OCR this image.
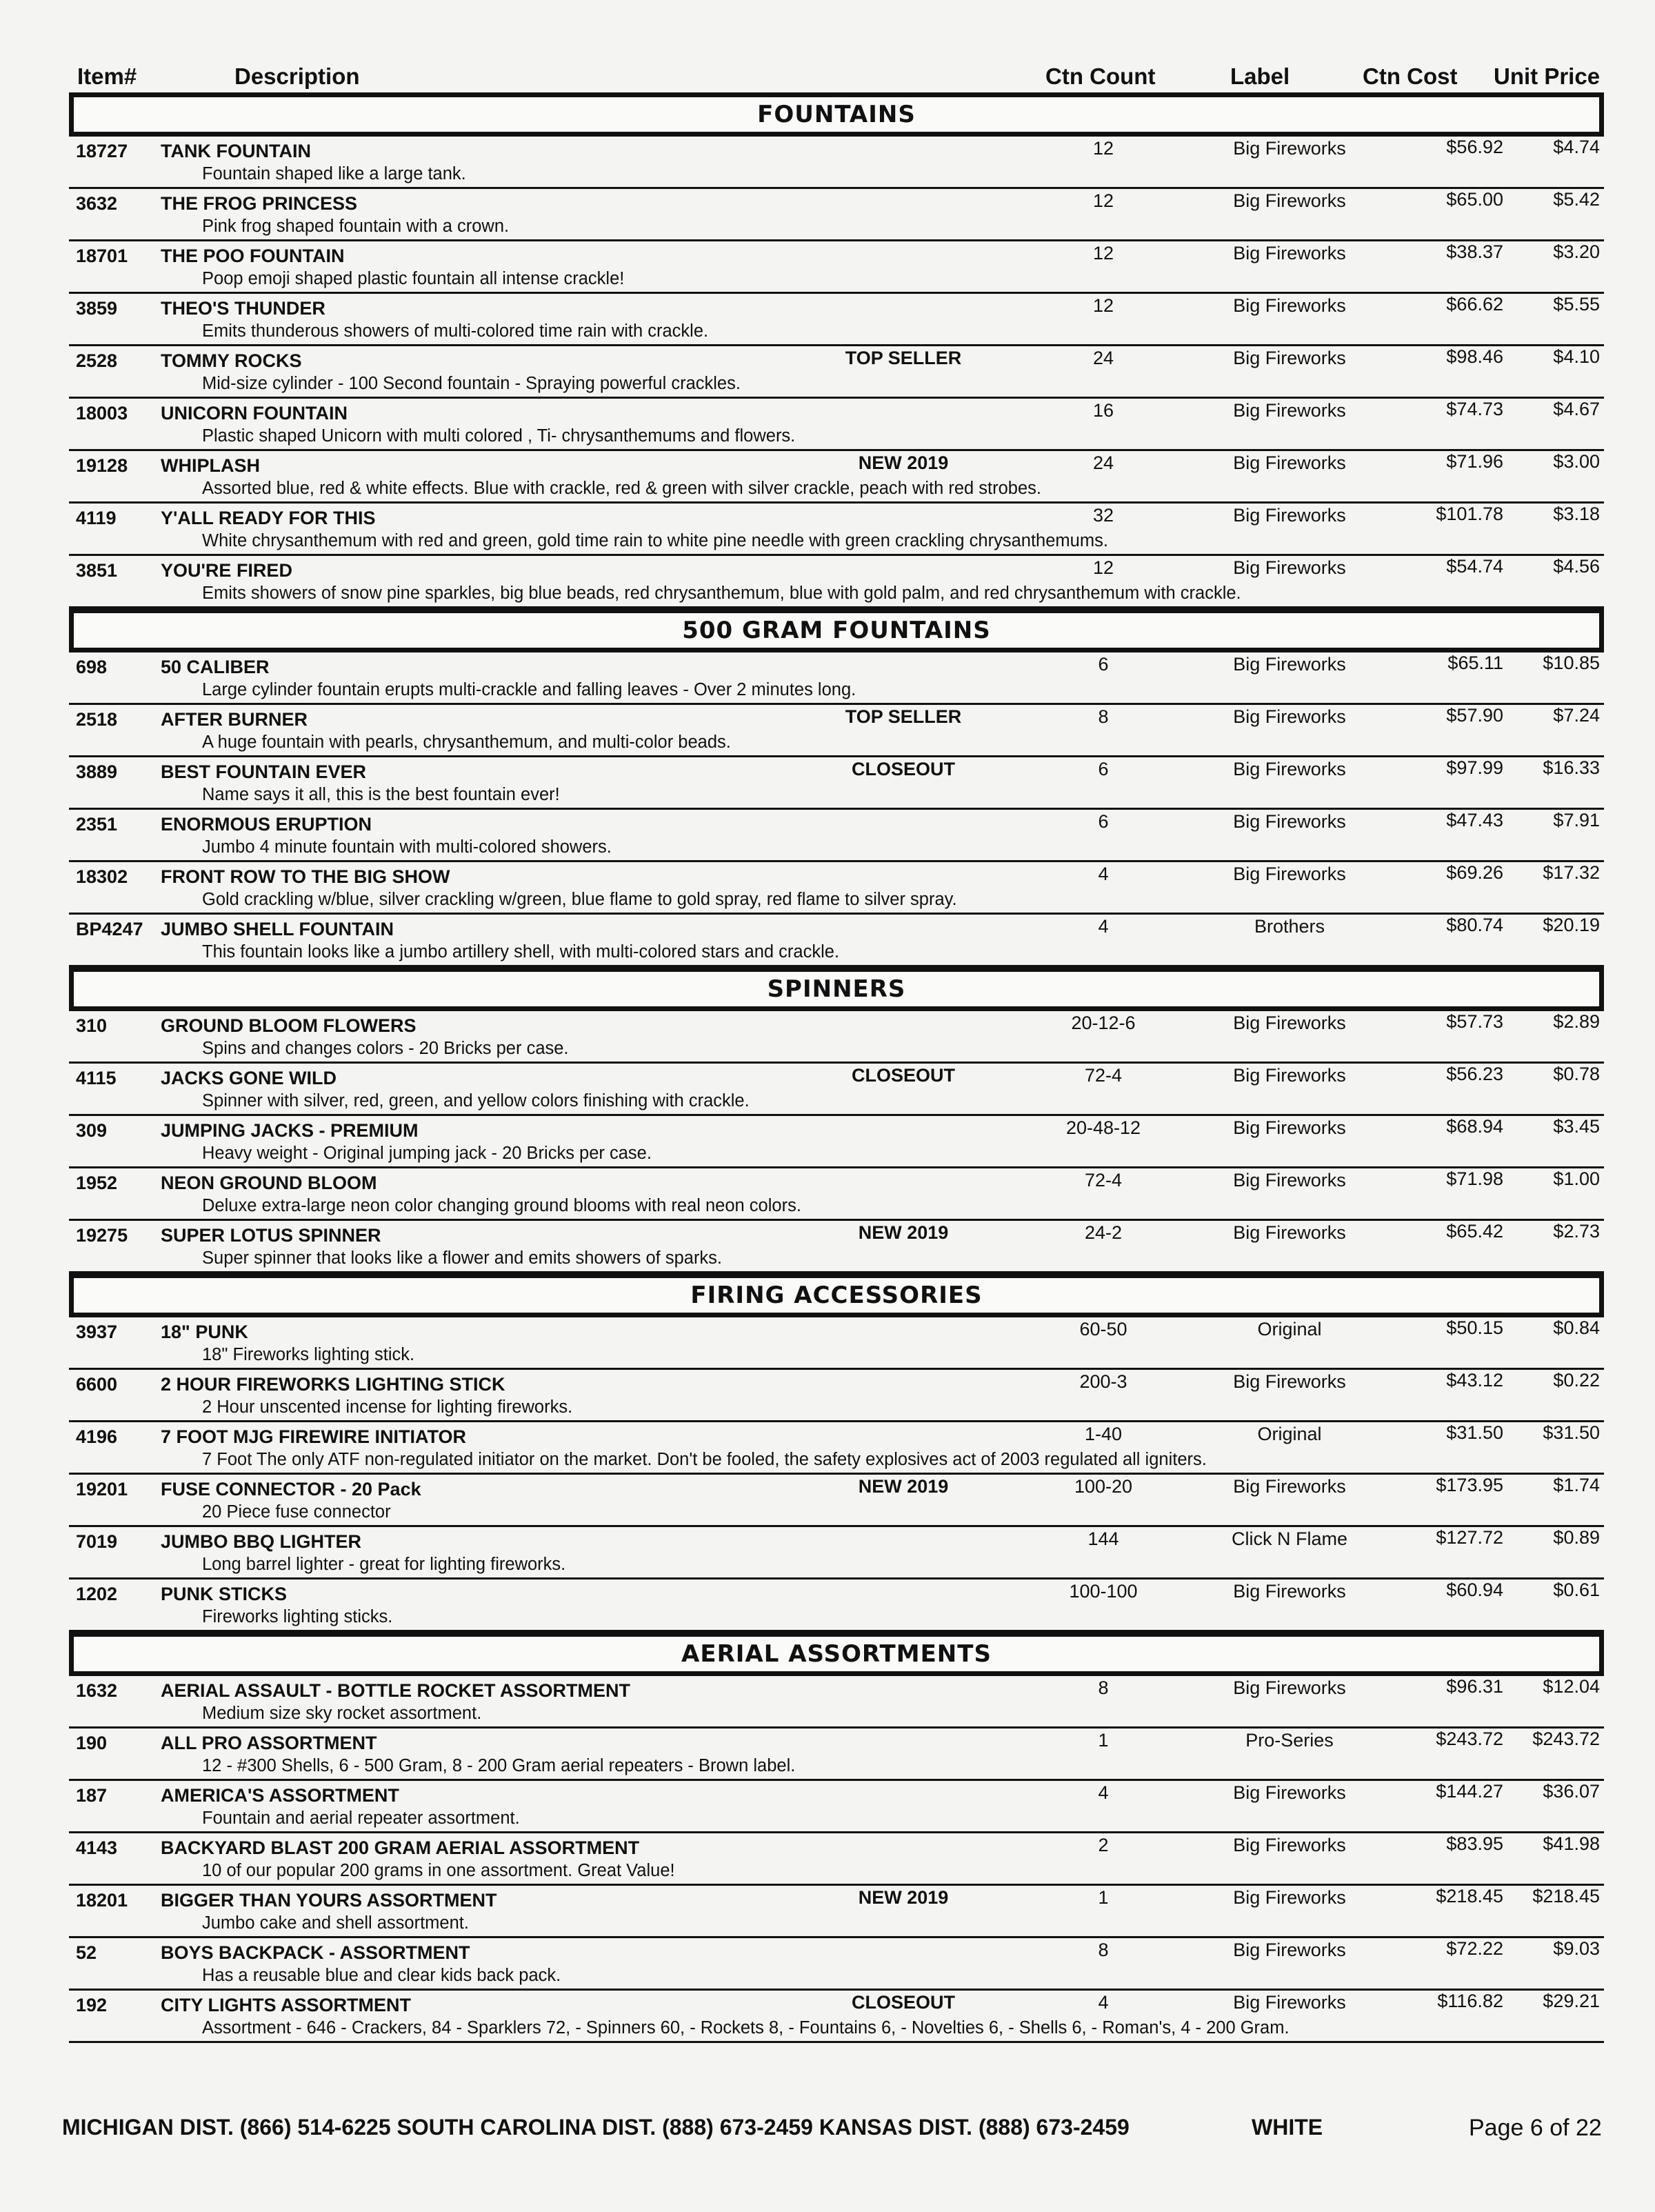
Item#	Description	Ctn Count	Label	Ctn Cost Unit Price
FOUNTAINS
18727 TANK FOUNTAIN	12	Big Fireworks	$56.92	$4.74
Fountain shaped like a large tank.
3632 THE FROG PRINCESS	12	Big Fireworks	$65.00	$5.42
Pink frog shaped fountain with a crown.
18701 THE POO FOUNTAIN	12	Big Fireworks	$38.37	$3.20
Poop emoji shaped plastic fountain all intense crackle!
3859 THEO'S THUNDER	12	Big Fireworks	$66.62	$5.55
Emits thunderous showers of multi-colored time rain with crackle.
2528 TOMMY ROCKS	TOP SELLER	24	Big Fireworks	$98.46	$4.10
Mid-size cylinder - 100 Second fountain - Spraying powerful crackles.
18003 UNICORN FOUNTAIN	16	Big Fireworks	$74.73	$4.67
Plastic shaped Unicorn with multi colored , Ti- chrysanthemums and flowers.
19128 WHIPLASH	NEW 2019	24	Big Fireworks	$71.96	$3.00
Assorted blue, red & white effects. Blue with crackle, red & green with silver crackle, peach with red strobes.
4119 Y'ALL READY FOR THIS	32	Big Fireworks	$101.78	$3.18
White chrysanthemum with red and green, gold time rain to white pine needle with green crackling chrysanthemums.
3851 YOU'RE FIRED	12	Big Fireworks	$54.74	$4.56
Emits showers of snow pine sparkles, big blue beads, red chrysanthemum, blue with gold palm, and red chrysanthemum with crackle.
500 GRAM FOUNTAINS
698	50 CALIBER	6	Big Fireworks	$65.11	$10.85
Large cylinder fountain erupts multi-crackle and falling leaves - Over 2 minutes long.
2518 AFTER BURNER	TOP SELLER	8	Big Fireworks	$57.90	$7.24
A huge fountain with pearls, chrysanthemum, and multi-color beads.
3889 BEST FOUNTAIN EVER	CLOSEOUT	6	Big Fireworks	$97.99	$16.33
Name says it all, this is the best fountain ever!
2351 ENORMOUS ERUPTION	6	Big Fireworks	$47.43	$7.91
Jumbo 4 minute fountain with multi-colored showers.
18302 FRONT ROW TO THE BIG SHOW	4	Big Fireworks	$69.26	$17.32
Gold crackling w/blue, silver crackling w/green, blue flame to gold spray, red flame to silver spray.
BP4247 JUMBO SHELL FOUNTAIN	4	Brothers	$80.74	$20.19
This fountain looks like a jumbo artillery shell, with multi-colored stars and crackle.
SPINNERS
310	GROUND BLOOM FLOWERS	20-12-6	Big Fireworks	$57.73	$2.89
Spins and changes colors - 20 Bricks per case.
4115 JACKS GONE WILD	CLOSEOUT	72-4	Big Fireworks	$56.23	$0.78
Spinner with silver, red, green, and yellow colors finishing with crackle.
309	JUMPING JACKS - PREMIUM	20-48-12	Big Fireworks	$68.94	$3.45
Heavy weight - Original jumping jack - 20 Bricks per case.
1952 NEON GROUND BLOOM	72-4	Big Fireworks	$71.98	$1.00
Deluxe extra-large neon color changing ground blooms with real neon colors.
19275 SUPER LOTUS SPINNER	NEW 2019	24-2	Big Fireworks	$65.42	$2.73
Super spinner that looks like a flower and emits showers of sparks.
FIRING ACCESSORIES
3937 18" PUNK	60-50	Original	$50.15	$0.84
18" Fireworks lighting stick.
6600 2 HOUR FIREWORKS LIGHTING STICK	200-3	Big Fireworks	$43.12	$0.22
2 Hour unscented incense for lighting fireworks.
4196 7 FOOT MJG FIREWIRE INITIATOR	1-40	Original	$31.50	$31.50
7 Foot The only ATF non-regulated initiator on the market. Don't be fooled, the safety explosives act of 2003 regulated all igniters.
19201 FUSE CONNECTOR - 20 Pack	NEW 2019	100-20	Big Fireworks	$173.95	$1.74
20 Piece fuse connector
7019 JUMBO BBQ LIGHTER	144	Click N Flame	$127.72	$0.89
Long barrel lighter - great for lighting fireworks.
1202 PUNK STICKS	100-100	Big Fireworks	$60.94	$0.61
Fireworks lighting sticks.
AERIAL ASSORTMENTS
1632 AERIAL ASSAULT - BOTTLE ROCKET ASSORTMENT	8	Big Fireworks	$96.31	$12.04
Medium size sky rocket assortment.
190	ALL PRO ASSORTMENT	1	Pro-Series	$243.72	$243.72
12 - #300 Shells, 6 - 500 Gram, 8 - 200 Gram aerial repeaters - Brown label.
187	AMERICA'S ASSORTMENT	4	Big Fireworks	$144.27	$36.07
Fountain and aerial repeater assortment.
4143 BACKYARD BLAST 200 GRAM AERIAL ASSORTMENT	2	Big Fireworks	$83.95	$41.98
10 of our popular 200 grams in one assortment. Great Value!
18201 BIGGER THAN YOURS ASSORTMENT	NEW 2019	1	Big Fireworks	$218.45	$218.45
Jumbo cake and shell assortment.
52	BOYS BACKPACK - ASSORTMENT	8	Big Fireworks	$72.22	$9.03
Has a reusable blue and clear kids back pack.
192	CITY LIGHTS ASSORTMENT	CLOSEOUT	4	Big Fireworks	$116.82	$29.21
Assortment - 646 - Crackers, 84 - Sparklers 72, - Spinners 60, - Rockets 8, - Fountains 6, - Novelties 6, - Shells 6, - Roman's, 4 - 200 Gram.
MICHIGAN DIST. (866) 514-6225 SOUTH CAROLINA DIST. (888) 673-2459 KANSAS DIST. (888) 673-2459	WHITE	Page 6 of 22
